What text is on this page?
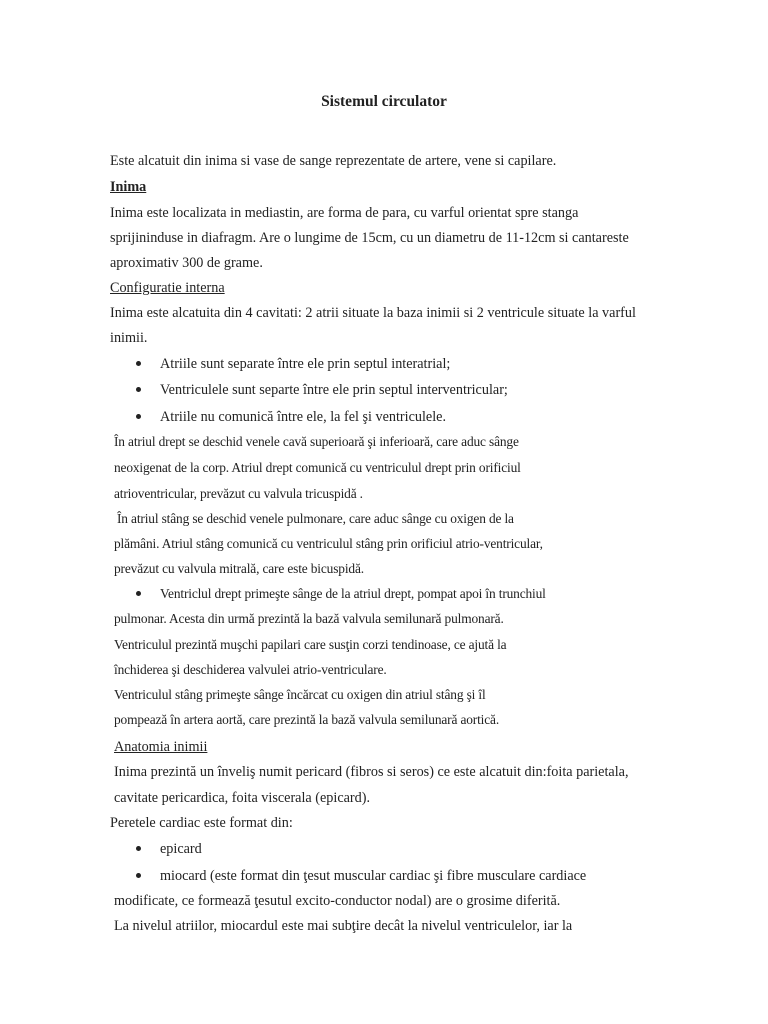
Sistemul circulator
Este alcatuit din inima si vase de sange reprezentate de artere, vene si capilare.
Inima
Inima este localizata in mediastin, are forma de para, cu varful orientat spre stanga
sprijininduse in diafragm. Are o lungime de 15cm, cu un diametru de 11-12cm si cantareste
aproximativ 300 de grame.
Configuratie interna
Inima este alcatuita din 4 cavitati: 2 atrii situate la baza inimii si 2 ventricule situate la varful
inimii.
Atriile sunt separate între ele prin septul interatrial;
Ventriculele sunt separte între ele prin septul interventricular;
Atriile nu comunică între ele, la fel şi ventriculele.
În atriul drept se deschid venele cavă superioară şi inferioară, care aduc sânge
neoxigenat de la corp. Atriul drept comunică cu ventriculul drept prin orificiul
atrioventricular, prevăzut cu valvula tricuspidă .
În atriul stâng se deschid venele pulmonare, care aduc sânge cu oxigen de la
plămâni. Atriul stâng comunică cu ventriculul stâng prin orificiul atrio-ventricular,
prevăzut cu valvula mitrală, care este bicuspidă.
Ventriclul drept primeşte sânge de la atriul drept, pompat apoi în trunchiul
pulmonar. Acesta din urmă prezintă la bază valvula semilunară pulmonară.
Ventriculul prezintă muşchi papilari care susţin corzi tendinoase, ce ajută la
închiderea şi deschiderea valvulei atrio-ventriculare.
Ventriculul stâng primeşte sânge încărcat cu oxigen din atriul stâng şi îl
pompează în artera aortă, care prezintă la bază valvula semilunară aortică.
Anatomia inimii
Inima prezintă un înveliş numit pericard (fibros si seros) ce este alcatuit din:foita parietala,
cavitate pericardica, foita viscerala (epicard).
Peretele cardiac este format din:
epicard
miocard (este format din ţesut muscular cardiac şi fibre musculare cardiace
modificate, ce formează ţesutul excito-conductor nodal) are o grosime diferită.
La nivelul atriilor, miocardul este mai subţire decât la nivelul ventriculelor, iar la
